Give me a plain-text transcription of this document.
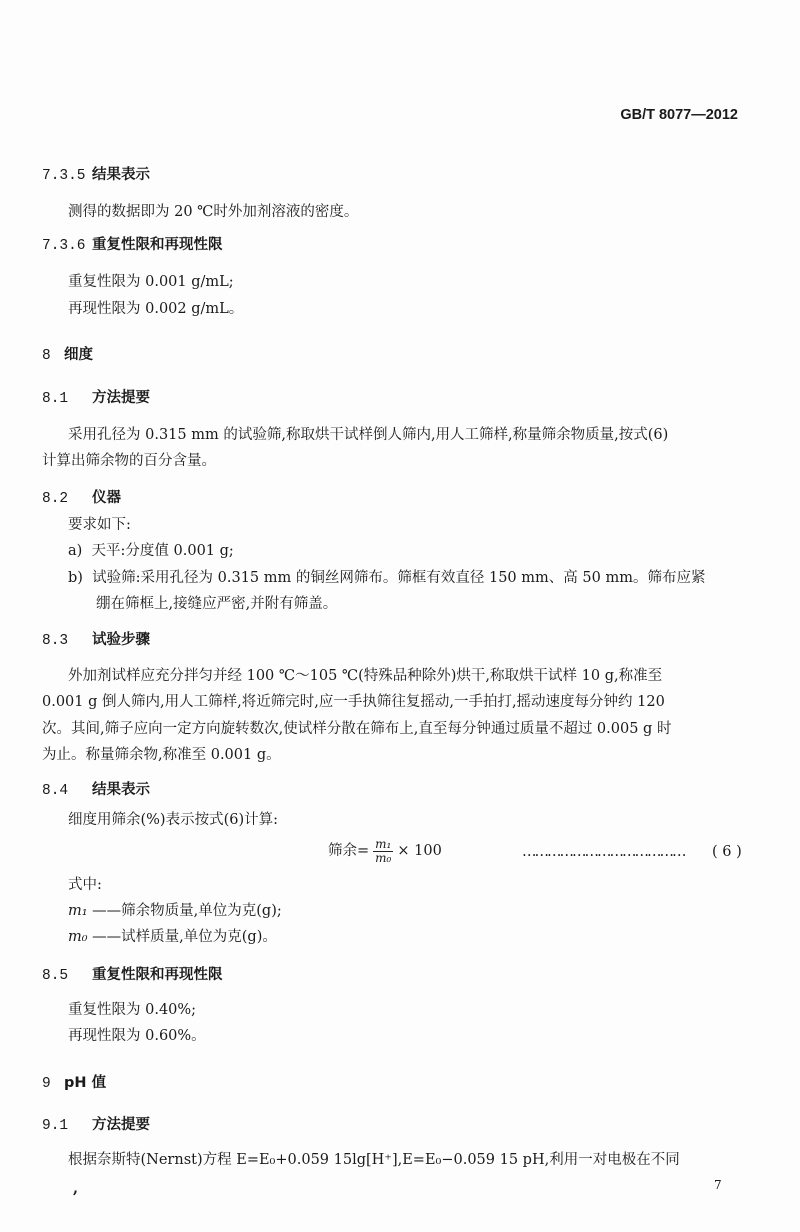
GB/T 8077—2012
7.3.5 结果表示
测得的数据即为 20 ℃时外加剂溶液的密度。
7.3.6 重复性限和再现性限
重复性限为 0.001 g/mL;
再现性限为 0.002 g/mL。
8 细度
8.1 方法提要
采用孔径为 0.315 mm 的试验筛,称取烘干试样倒人筛内,用人工筛样,称量筛余物质量,按式(6)
计算出筛余物的百分含量。
8.2 仪器
要求如下:
a)  天平:分度值 0.001 g;
b)  试验筛:采用孔径为 0.315 mm 的铜丝网筛布。筛框有效直径 150 mm、高 50 mm。筛布应紧
绷在筛框上,接缝应严密,并附有筛盖。
8.3 试验步骤
外加剂试样应充分拌匀并经 100 ℃～105 ℃(特殊品种除外)烘干,称取烘干试样 10 g,称准至
0.001 g 倒人筛内,用人工筛样,将近筛完时,应一手执筛往复摇动,一手拍打,摇动速度每分钟约 120
次。其间,筛子应向一定方向旋转数次,使试样分散在筛布上,直至每分钟通过质量不超过 0.005 g 时
为止。称量筛余物,称准至 0.001 g。
8.4 结果表示
细度用筛余(%)表示按式(6)计算:
筛余= $\frac{\text{m₁}}{\text{m₀}} \times 100$	………………………………… ( 6 )
式中:
m₁ ——筛余物质量,单位为克(g);
m₀ ——试样质量,单位为克(g)。
8.5 重复性限和再现性限
重复性限为 0.40%;
再现性限为 0.60%。
9 pH 值
9.1 方法提要
根据奈斯特(Nernst)方程 E=E₀+0.059 15lg[H⁺],E=E₀−0.059 15 pH,利用一对电极在不同
7
,
